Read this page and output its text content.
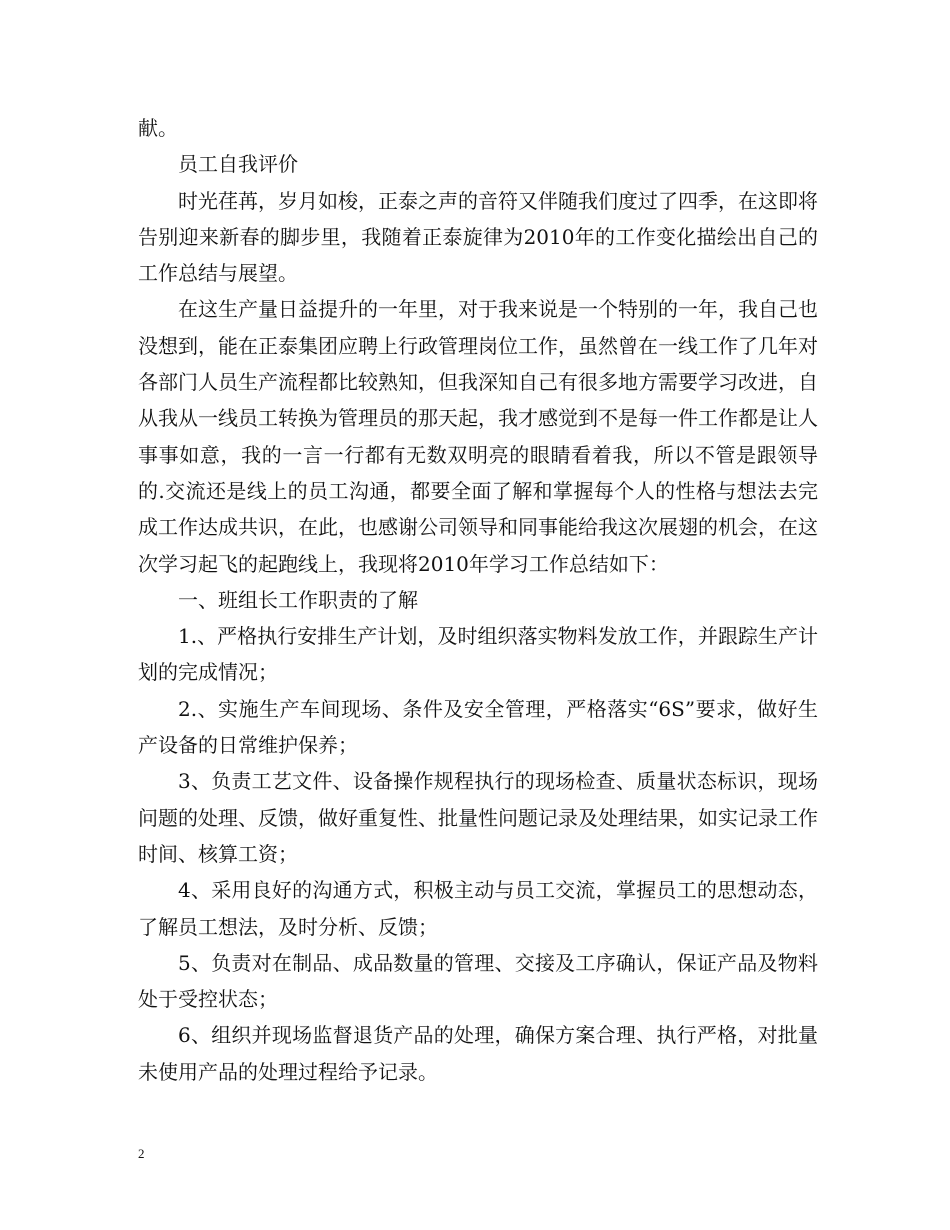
献。

员工自我评价

时光荏苒，岁月如梭，正泰之声的音符又伴随我们度过了四季，在这即将告别迎来新春的脚步里，我随着正泰旋律为2010年的工作变化描绘出自己的工作总结与展望。

在这生产量日益提升的一年里，对于我来说是一个特别的一年，我自己也没想到，能在正泰集团应聘上行政管理岗位工作，虽然曾在一线工作了几年对各部门人员生产流程都比较熟知，但我深知自己有很多地方需要学习改进，自从我从一线员工转换为管理员的那天起，我才感觉到不是每一件工作都是让人事事如意，我的一言一行都有无数双明亮的眼睛看着我，所以不管是跟领导的.交流还是线上的员工沟通，都要全面了解和掌握每个人的性格与想法去完成工作达成共识，在此，也感谢公司领导和同事能给我这次展翅的机会，在这次学习起飞的起跑线上，我现将2010年学习工作总结如下：

一、班组长工作职责的了解

1.、严格执行安排生产计划，及时组织落实物料发放工作，并跟踪生产计划的完成情况；

2.、实施生产车间现场、条件及安全管理，严格落实“6S”要求，做好生产设备的日常维护保养；

3、负责工艺文件、设备操作规程执行的现场检查、质量状态标识，现场问题的处理、反馈，做好重复性、批量性问题记录及处理结果，如实记录工作时间、核算工资；

4、采用良好的沟通方式，积极主动与员工交流，掌握员工的思想动态，了解员工想法，及时分析、反馈；

5、负责对在制品、成品数量的管理、交接及工序确认，保证产品及物料处于受控状态；

6、组织并现场监督退货产品的处理，确保方案合理、执行严格，对批量未使用产品的处理过程给予记录。

2
